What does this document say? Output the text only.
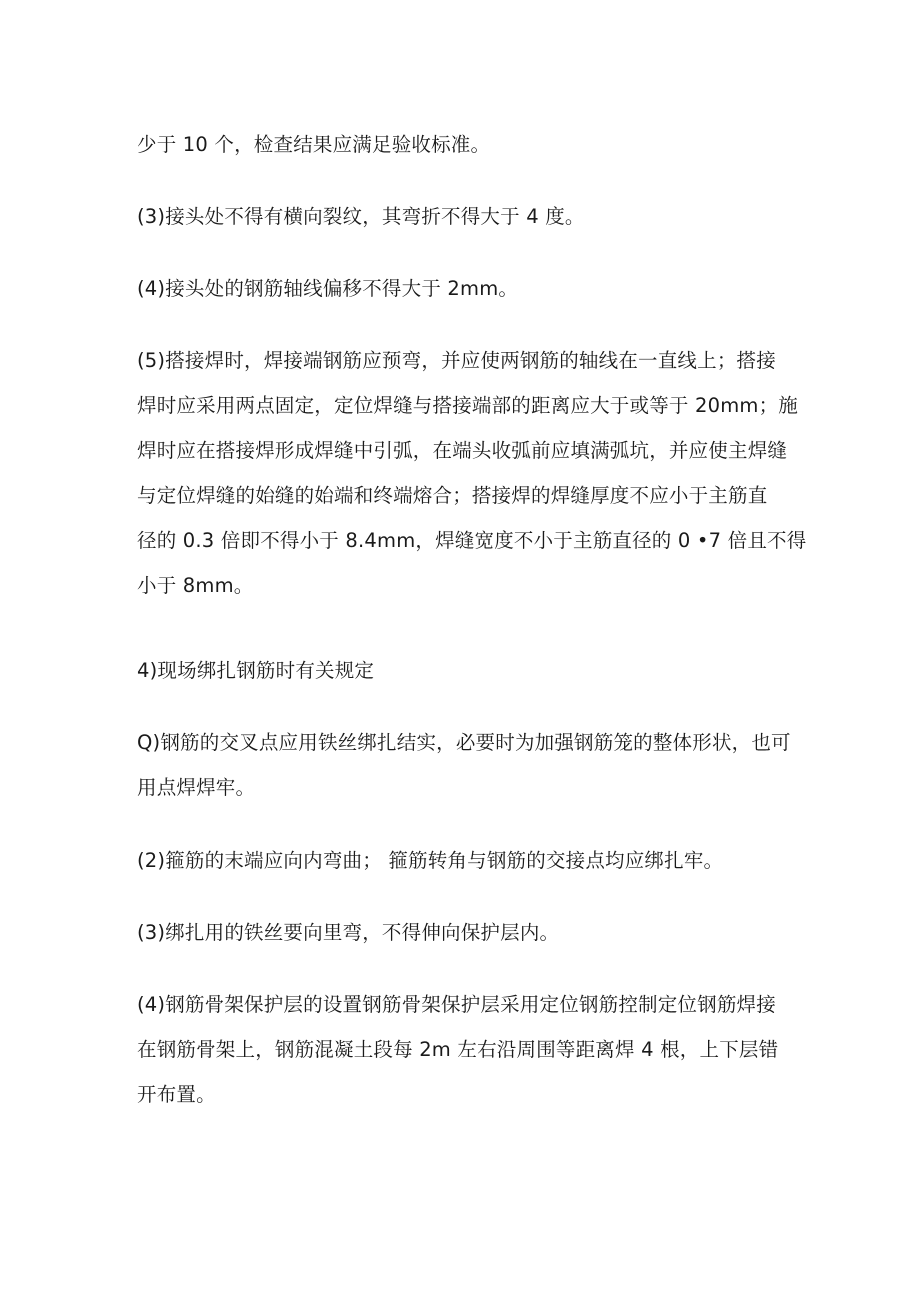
少于 10 个，检查结果应满足验收标准。

(3)接头处不得有横向裂纹，其弯折不得大于 4 度。

(4)接头处的钢筋轴线偏移不得大于 2mm。

(5)搭接焊时，焊接端钢筋应预弯，并应使两钢筋的轴线在一直线上；搭接
焊时应采用两点固定，定位焊缝与搭接端部的距离应大于或等于 20mm；施
焊时应在搭接焊形成焊缝中引弧，在端头收弧前应填满弧坑，并应使主焊缝
与定位焊缝的始缝的始端和终端熔合；搭接焊的焊缝厚度不应小于主筋直
径的 0.3 倍即不得小于 8.4mm，焊缝宽度不小于主筋直径的 0 •7 倍且不得
小于 8mm。

4)现场绑扎钢筋时有关规定

Q)钢筋的交叉点应用铁丝绑扎结实，必要时为加强钢筋笼的整体形状，也可
用点焊焊牢。

(2)箍筋的末端应向内弯曲； 箍筋转角与钢筋的交接点均应绑扎牢。

(3)绑扎用的铁丝要向里弯，不得伸向保护层内。

(4)钢筋骨架保护层的设置钢筋骨架保护层采用定位钢筋控制定位钢筋焊接
在钢筋骨架上，钢筋混凝土段每 2m 左右沿周围等距离焊 4 根，上下层错
开布置。
